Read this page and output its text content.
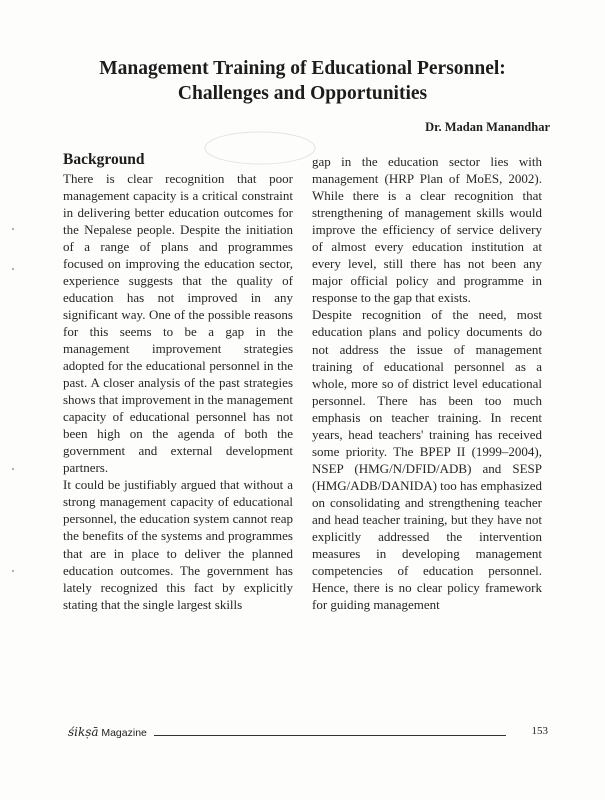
Management Training of Educational Personnel:
Challenges and Opportunities
Dr. Madan Manandhar
Background

There is clear recognition that poor management capacity is a critical constraint in delivering better education outcomes for the Nepalese people. Despite the initiation of a range of plans and programmes focused on improving the education sector, experience suggests that the quality of education has not improved in any significant way. One of the possible reasons for this seems to be a gap in the management improvement strategies adopted for the educational personnel in the past. A closer analysis of the past strategies shows that improvement in the management capacity of educational personnel has not been high on the agenda of both the government and external development partners.

It could be justifiably argued that without a strong management capacity of educational personnel, the education system cannot reap the benefits of the systems and programmes that are in place to deliver the planned education outcomes. The government has lately recognized this fact by explicitly stating that the single largest skills

gap in the education sector lies with management (HRP Plan of MoES, 2002). While there is a clear recognition that strengthening of management skills would improve the efficiency of service delivery of almost every education institution at every level, still there has not been any major official policy and programme in response to the gap that exists.

Despite recognition of the need, most education plans and policy documents do not address the issue of management training of educational personnel as a whole, more so of district level educational personnel. There has been too much emphasis on teacher training. In recent years, head teachers' training has received some priority. The BPEP II (1999–2004), NSEP (HMG/N/DFID/ADB) and SESP (HMG/ADB/DANIDA) too has emphasized on consolidating and strengthening teacher and head teacher training, but they have not explicitly addressed the intervention measures in developing management competencies of education personnel. Hence, there is no clear policy framework for guiding management

śikṣā Magazine	153
